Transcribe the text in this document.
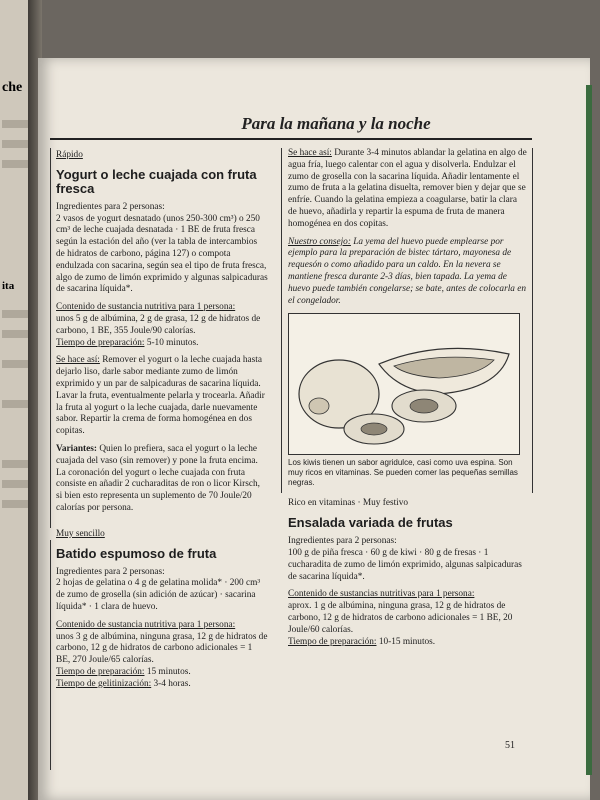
che
ita
Para la mañana y la noche
Rápido
Yogurt o leche cuajada con fruta fresca

Ingredientes para 2 personas:
2 vasos de yogurt desnatado (unos 250-300 cm³) o 250 cm³ de leche cuajada desnatada · 1 BE de fruta fresca según la estación del año (ver la tabla de intercambios de hidratos de carbono, página 127) o compota endulzada con sacarina, según sea el tipo de fruta fresca, algo de zumo de limón exprimido y algunas salpicaduras de sacarina líquida*.

Contenido de sustancia nutritiva para 1 persona:
unos 5 g de albúmina, 2 g de grasa, 12 g de hidratos de carbono, 1 BE, 355 Joule/90 calorías.
Tiempo de preparación: 5-10 minutos.

Se hace así: Remover el yogurt o la leche cuajada hasta dejarlo liso, darle sabor mediante zumo de limón exprimido y un par de salpicaduras de sacarina líquida. Lavar la fruta, eventualmente pelarla y trocearla. Añadir la fruta al yogurt o la leche cuajada, darle nuevamente sabor. Repartir la crema de forma homogénea en dos copitas.

Variantes: Quien lo prefiera, saca el yogurt o la leche cuajada del vaso (sin remover) y pone la fruta encima. La coronación del yogurt o leche cuajada con fruta consiste en añadir 2 cucharaditas de ron o licor Kirsch, si bien esto representa un suplemento de 70 Joule/20 calorías por persona.

Muy sencillo
Batido espumoso de fruta

Ingredientes para 2 personas:
2 hojas de gelatina o 4 g de gelatina molida* · 200 cm³ de zumo de grosella (sin adición de azúcar) · sacarina líquida* · 1 clara de huevo.

Contenido de sustancia nutritiva para 1 persona:
unos 3 g de albúmina, ninguna grasa, 12 g de hidratos de carbono, 12 g de hidratos de carbono adicionales = 1 BE, 270 Joule/65 calorías.
Tiempo de preparación: 15 minutos.
Tiempo de gelitinización: 3-4 horas.

Se hace así: Durante 3-4 minutos ablandar la gelatina en algo de agua fría, luego calentar con el agua y disolverla. Endulzar el zumo de grosella con la sacarina líquida. Añadir lentamente el zumo de fruta a la gelatina disuelta, remover bien y dejar que se enfríe. Cuando la gelatina empieza a coagularse, batir la clara de huevo, añadirla y repartir la espuma de fruta de manera homogénea en dos copitas.

Nuestro consejo: La yema del huevo puede emplearse por ejemplo para la preparación de bistec tártaro, mayonesa de requesón o como añadido para un caldo. En la nevera se mantiene fresca durante 2-3 días, bien tapada. La yema de huevo puede también congelarse; se bate, antes de colocarla en el congelador.

Los kiwis tienen un sabor agridulce, casi como uva espina. Son muy ricos en vitaminas. Se pueden comer las pequeñas semillas negras.
Rico en vitaminas · Muy festivo
Ensalada variada de frutas

Ingredientes para 2 personas:
100 g de piña fresca · 60 g de kiwi · 80 g de fresas · 1 cucharadita de zumo de limón exprimido, algunas salpicaduras de sacarina líquida*.

Contenido de sustancias nutritivas para 1 persona:
aprox. 1 g de albúmina, ninguna grasa, 12 g de hidratos de carbono, 12 g de hidratos de carbono adicionales = 1 BE, 20 Joule/60 calorías.
Tiempo de preparación: 10-15 minutos.

51
